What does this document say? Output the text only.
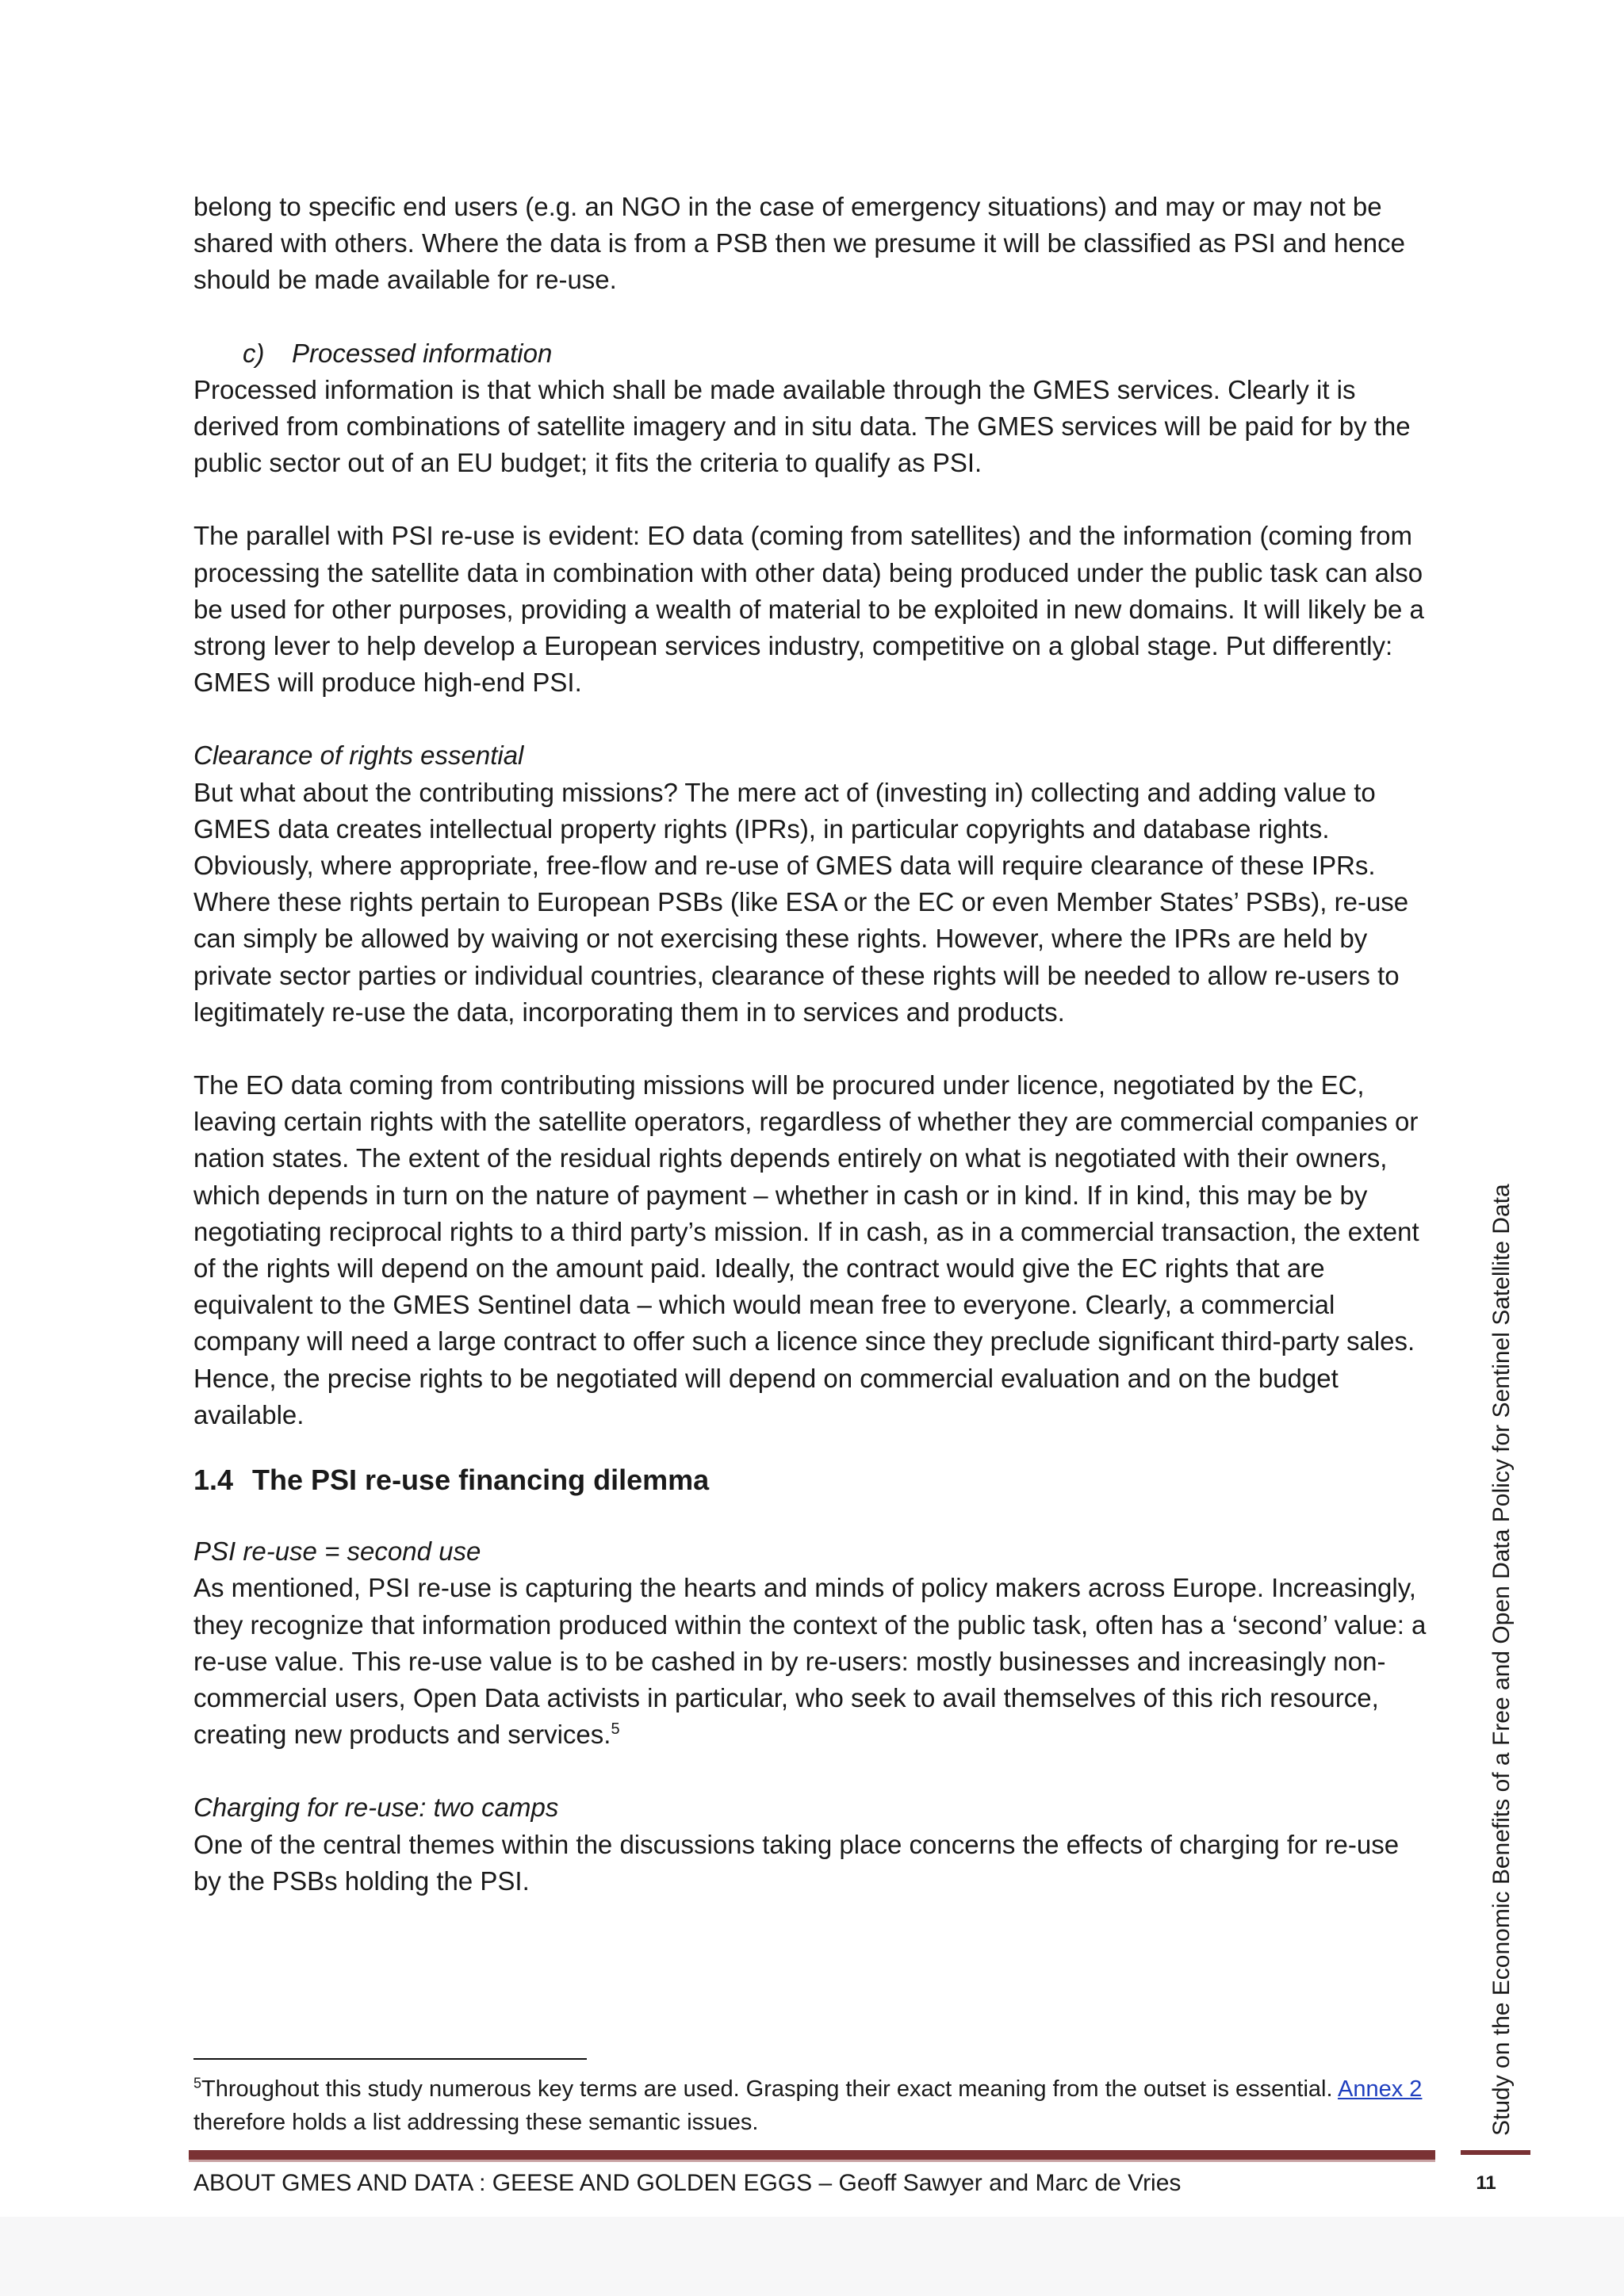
belong to specific end users (e.g. an NGO in the case of emergency situations) and may or may not be shared with others. Where the data is from a PSB then we presume it will be classified as PSI and hence should be made available for re-use.

c) Processed information

Processed information is that which shall be made available through the GMES services. Clearly it is derived from combinations of satellite imagery and in situ data. The GMES services will be paid for by the public sector out of an EU budget; it fits the criteria to qualify as PSI.

The parallel with PSI re-use is evident: EO data (coming from satellites) and the information (coming from processing the satellite data in combination with other data) being produced under the public task can also be used for other purposes, providing a wealth of material to be exploited in new domains. It will likely be a strong lever to help develop a European services industry, competitive on a global stage. Put differently: GMES will produce high-end PSI.

Clearance of rights essential

But what about the contributing missions? The mere act of (investing in) collecting and adding value to GMES data creates intellectual property rights (IPRs), in particular copyrights and database rights. Obviously, where appropriate, free-flow and re-use of GMES data will require clearance of these IPRs. Where these rights pertain to European PSBs (like ESA or the EC or even Member States’ PSBs), re-use can simply be allowed by waiving or not exercising these rights. However, where the IPRs are held by private sector parties or individual countries, clearance of these rights will be needed to allow re-users to legitimately re-use the data, incorporating them in to services and products.

The EO data coming from contributing missions will be procured under licence, negotiated by the EC, leaving certain rights with the satellite operators, regardless of whether they are commercial companies or nation states. The extent of the residual rights depends entirely on what is negotiated with their owners, which depends in turn on the nature of payment – whether in cash or in kind. If in kind, this may be by negotiating reciprocal rights to a third party’s mission. If in cash, as in a commercial transaction, the extent of the rights will depend on the amount paid. Ideally, the contract would give the EC rights that are equivalent to the GMES Sentinel data – which would mean free to everyone. Clearly, a commercial company will need a large contract to offer such a licence since they preclude significant third-party sales. Hence, the precise rights to be negotiated will depend on commercial evaluation and on the budget available.

1.4 The PSI re-use financing dilemma

PSI re-use = second use

As mentioned, PSI re-use is capturing the hearts and minds of policy makers across Europe. Increasingly, they recognize that information produced within the context of the public task, often has a ‘second’ value: a re-use value. This re-use value is to be cashed in by re-users: mostly businesses and increasingly non-commercial users, Open Data activists in particular, who seek to avail themselves of this rich resource, creating new products and services.$^5$

Charging for re-use: two camps

One of the central themes within the discussions taking place concerns the effects of charging for re-use by the PSBs holding the PSI.

$^5$Throughout this study numerous key terms are used. Grasping their exact meaning from the outset is essential. Annex 2 therefore holds a list addressing these semantic issues.
ABOUT GMES AND DATA : GEESE AND GOLDEN EGGS – Geoff Sawyer and Marc de Vries	11
Study on the Economic Benefits of a Free and Open Data Policy for Sentinel Satellite Data
